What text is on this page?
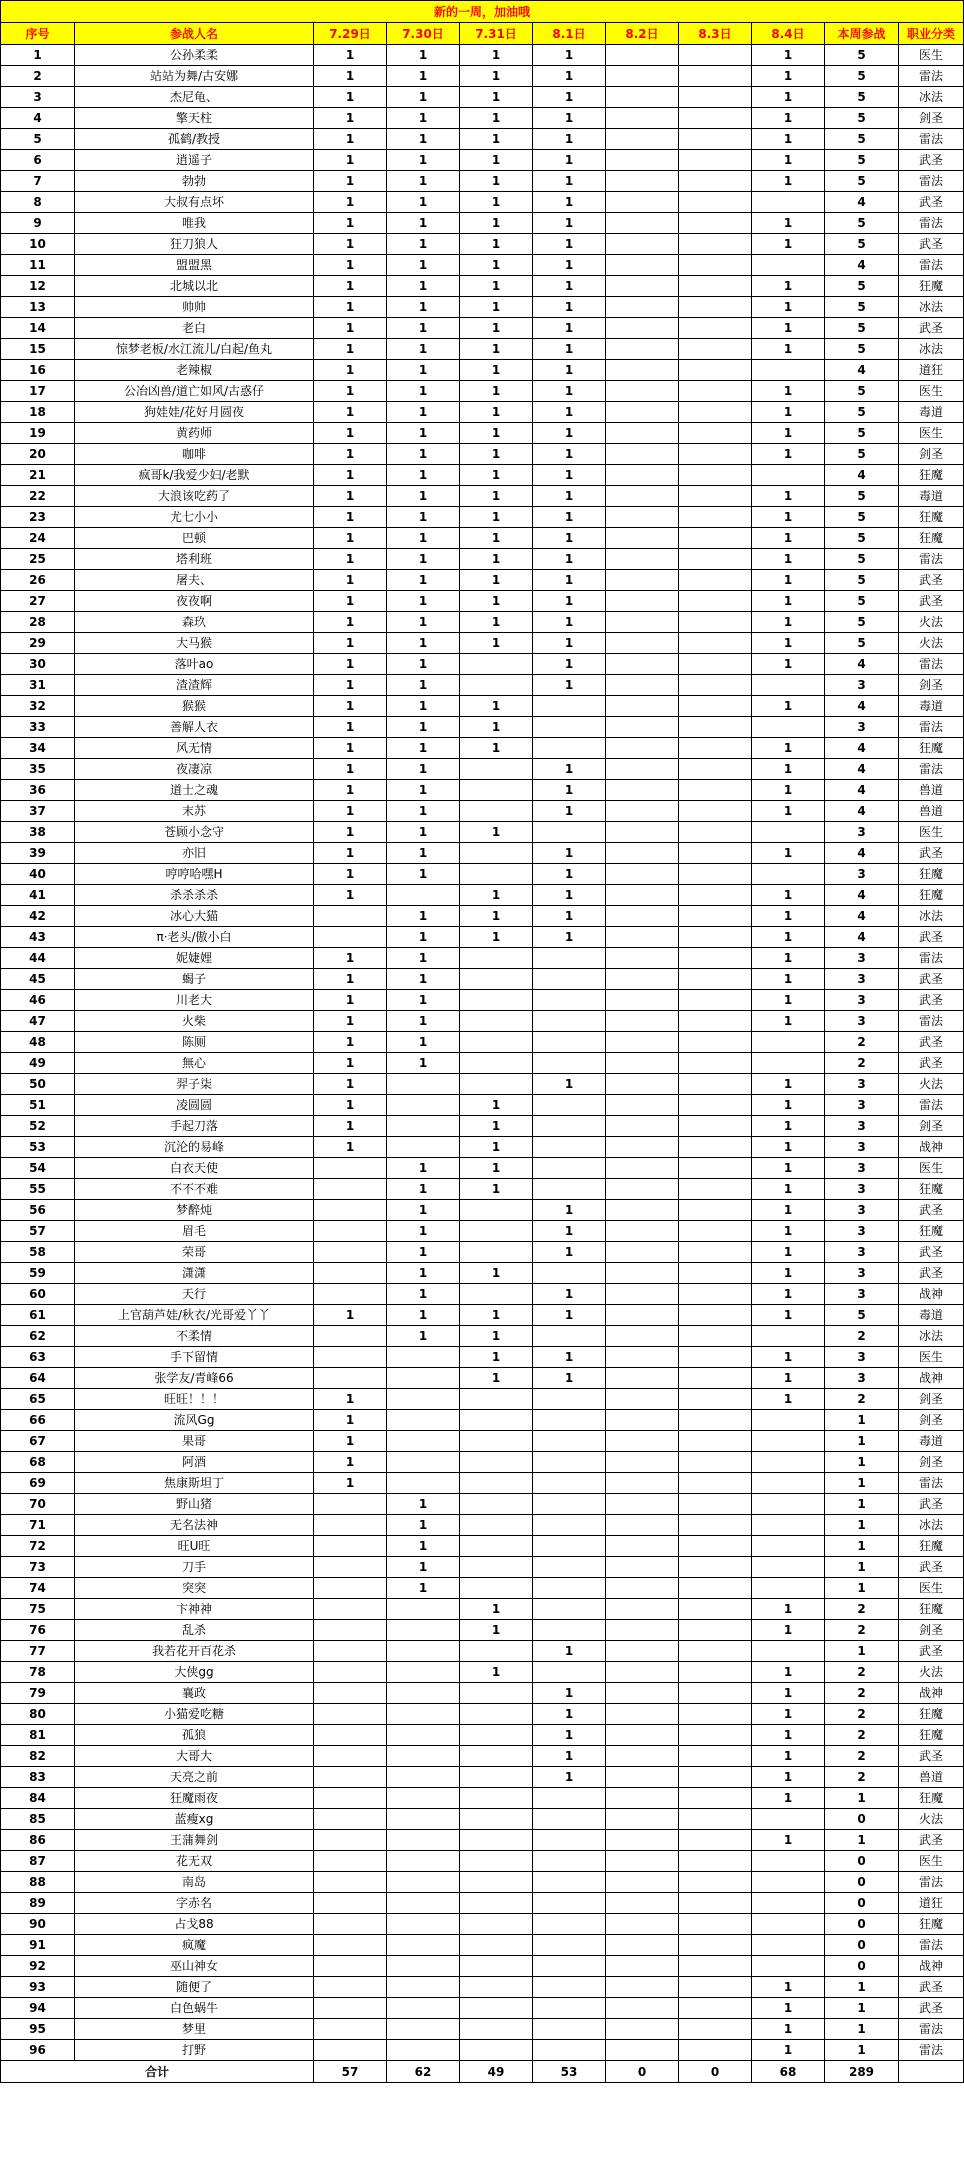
新的一周，加油哦										
序号	参战人名	7.29日	7.30日	7.31日	8.1日	8.2日	8.3日	8.4日	本周参战	职业分类
1	公孙柔柔	1	1	1	1			1	5	医生
2	站站为舞/古安娜	1	1	1	1			1	5	雷法
3	杰尼龟、	1	1	1	1			1	5	冰法
4	擎天柱	1	1	1	1			1	5	剑圣
5	孤鹤/教授	1	1	1	1			1	5	雷法
6	逍遥子	1	1	1	1			1	5	武圣
7	勃勃	1	1	1	1			1	5	雷法
8	大叔有点坏	1	1	1	1				4	武圣
9	唯我	1	1	1	1			1	5	雷法
10	狂刀狼人	1	1	1	1			1	5	武圣
11	盟盟黑	1	1	1	1				4	雷法
12	北城以北	1	1	1	1			1	5	狂魔
13	帅帅	1	1	1	1			1	5	冰法
14	老白	1	1	1	1			1	5	武圣
15	惊梦老板/水江流儿/白起/鱼丸	1	1	1	1			1	5	冰法
16	老辣椒	1	1	1	1				4	道狂
17	公冶凶兽/道亡如风/古惑仔	1	1	1	1			1	5	医生
18	狗娃娃/花好月圆夜	1	1	1	1			1	5	毒道
19	黄药师	1	1	1	1			1	5	医生
20	咖啡	1	1	1	1			1	5	剑圣
21	疯哥k/我爱少妇/老默	1	1	1	1				4	狂魔
22	大浪该吃药了	1	1	1	1			1	5	毒道
23	尤七小小	1	1	1	1			1	5	狂魔
24	巴顿	1	1	1	1			1	5	狂魔
25	塔利班	1	1	1	1			1	5	雷法
26	屠夫、	1	1	1	1			1	5	武圣
27	夜夜啊	1	1	1	1			1	5	武圣
28	森玖	1	1	1	1			1	5	火法
29	大马猴	1	1	1	1			1	5	火法
30	落叶ao	1	1		1			1	4	雷法
31	渣渣辉	1	1		1				3	剑圣
32	猴猴	1	1	1				1	4	毒道
33	善解人衣	1	1	1					3	雷法
34	风无情	1	1	1				1	4	狂魔
35	夜凄凉	1	1		1			1	4	雷法
36	道士之魂	1	1		1			1	4	兽道
37	末苏	1	1		1			1	4	兽道
38	苍顾小念守	1	1	1					3	医生
39	亦旧	1	1		1			1	4	武圣
40	哼哼哈嘿H	1	1		1				3	狂魔
41	杀杀杀杀	1		1	1			1	4	狂魔
42	冰心大猫		1	1	1			1	4	冰法
43	π·老头/傲小白		1	1	1			1	4	武圣
44	妮婕娌	1	1					1	3	雷法
45	蝎子	1	1					1	3	武圣
46	川老大	1	1					1	3	武圣
47	火柴	1	1					1	3	雷法
48	陈厕	1	1						2	武圣
49	無心	1	1						2	武圣
50	羿子柒	1			1			1	3	火法
51	凌圆圆	1		1				1	3	雷法
52	手起刀落	1		1				1	3	剑圣
53	沉沦的易峰	1		1				1	3	战神
54	白衣天使		1	1				1	3	医生
55	不不不难		1	1				1	3	狂魔
56	梦醉炖		1		1			1	3	武圣
57	眉毛		1		1			1	3	狂魔
58	荣哥		1		1			1	3	武圣
59	潇潇		1	1				1	3	武圣
60	天行		1		1			1	3	战神
61	上官葫芦娃/秋衣/光哥爱丫丫	1	1	1	1			1	5	毒道
62	不柔情		1	1					2	冰法
63	手下留情			1	1			1	3	医生
64	张学友/青峰66			1	1			1	3	战神
65	旺旺！！！	1						1	2	剑圣
66	流风Gg	1							1	剑圣
67	果哥	1							1	毒道
68	阿酒	1							1	剑圣
69	焦康斯坦丁	1							1	雷法
70	野山猪		1						1	武圣
71	无名法神		1						1	冰法
72	旺U旺		1						1	狂魔
73	刀手		1						1	武圣
74	突突		1						1	医生
75	卞神神			1				1	2	狂魔
76	乱杀			1				1	2	剑圣
77	我若花开百花杀				1				1	武圣
78	大侠gg			1				1	2	火法
79	襄政				1			1	2	战神
80	小猫爱吃糖				1			1	2	狂魔
81	孤狼				1			1	2	狂魔
82	大哥大				1			1	2	武圣
83	天亮之前				1			1	2	兽道
84	狂魔雨夜							1	1	狂魔
85	蓝瘦xg								0	火法
86	王蒲舞剑							1	1	武圣
87	花无双								0	医生
88	南岛								0	雷法
89	字赤名								0	道狂
90	占戈88								0	狂魔
91	疯魔								0	雷法
92	巫山神女								0	战神
93	随便了							1	1	武圣
94	白色蜗牛							1	1	武圣
95	梦里							1	1	雷法
96	打野							1	1	雷法
合计		57	62	49	53	0	0	68	289	
